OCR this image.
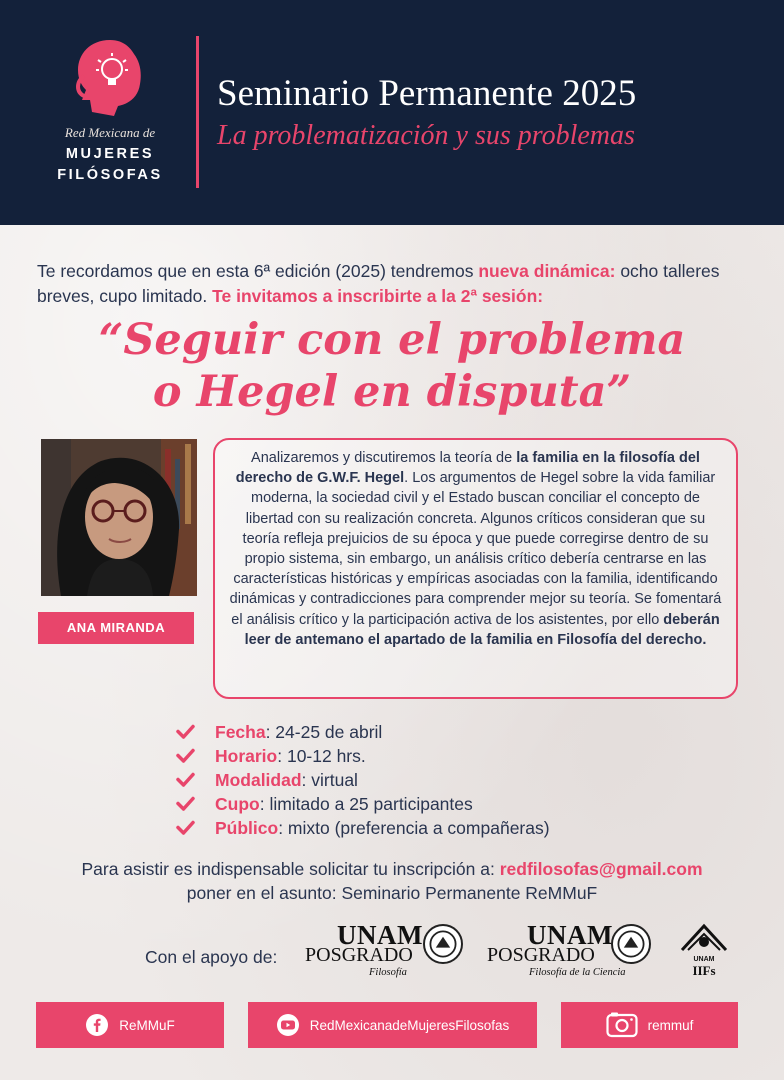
Red Mexicana de
MUJERES
FILÓSOFAS
Seminario Permanente 2025
La problematización y sus problemas
Te recordamos que en esta 6ª edición (2025) tendremos nueva dinámica: ocho talleres breves, cupo limitado. Te invitamos a inscribirte a la 2ª sesión:
“Seguir con el problema
o Hegel en disputa”
ANA MIRANDA
Analizaremos y discutiremos la teoría de la familia en la filosofía del derecho de G.W.F. Hegel. Los argumentos de Hegel sobre la vida familiar moderna, la sociedad civil y el Estado buscan conciliar el concepto de libertad con su realización concreta. Algunos críticos consideran que su teoría refleja prejuicios de su época y que puede corregirse dentro de su propio sistema, sin embargo, un análisis crítico debería centrarse en las características históricas y empíricas asociadas con la familia, identificando dinámicas y contradicciones para comprender mejor su teoría. Se fomentará el análisis crítico y la participación activa de los asistentes, por ello deberán leer de antemano el apartado de la familia en Filosofía del derecho.
Fecha: 24-25 de abril
Horario: 10-12 hrs.
Modalidad: virtual
Cupo: limitado a 25 participantes
Público: mixto (preferencia a compañeras)
Para asistir es indispensable solicitar tu inscripción a: redfilosofas@gmail.com
poner en el asunto: Seminario Permanente ReMMuF
Con el apoyo de:
UNAM
POSGRADO
Filosofía
UNAM
POSGRADO
Filosofía de la Ciencia
UNAM
IIFs
ReMMuF	RedMexicanadeMujeresFilosofas	remmuf
